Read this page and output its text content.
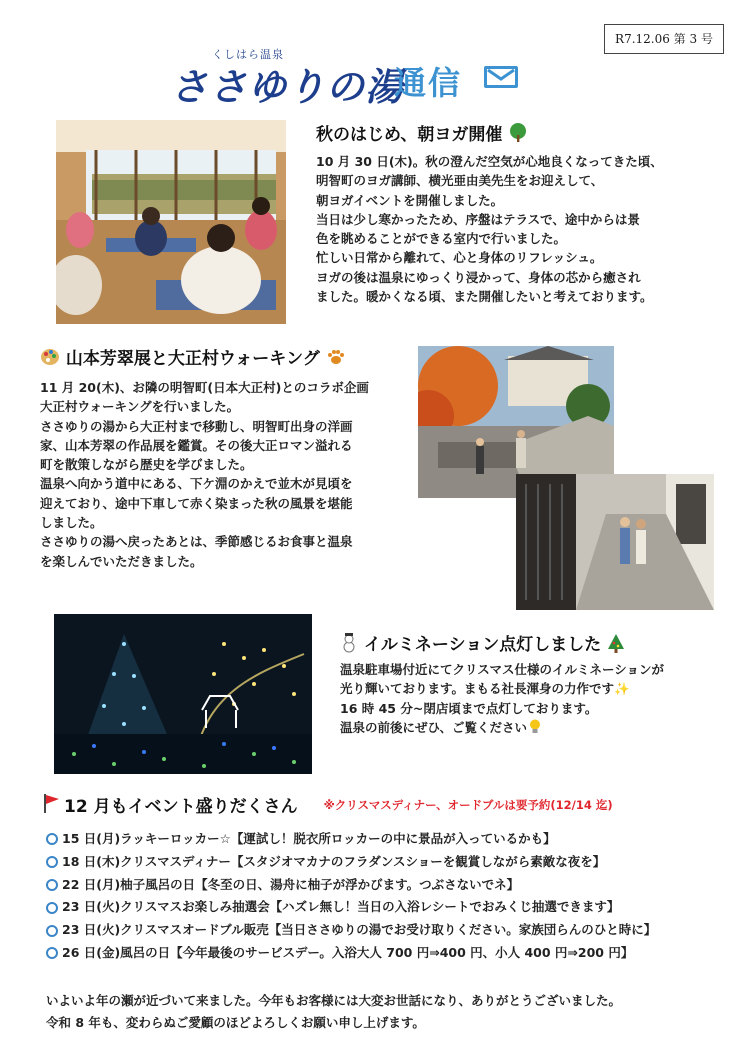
R7.12.06 第 3 号
くしはら温泉
ささゆりの湯
通信
秋のはじめ、朝ヨガ開催

10 月 30 日(木)。秋の澄んだ空気が心地良くなってきた頃、

明智町のヨガ講師、横光亜由美先生をお迎えして、

朝ヨガイベントを開催しました。

当日は少し寒かったため、序盤はテラスで、途中からは景

色を眺めることができる室内で行いました。

忙しい日常から離れて、心と身体のリフレッシュ。

ヨガの後は温泉にゆっくり浸かって、身体の芯から癒され

ました。暖かくなる頃、また開催したいと考えております。

山本芳翠展と大正村ウォーキング

11 月 20(木)、お隣の明智町(日本大正村)とのコラボ企画

大正村ウォーキングを行いました。

ささゆりの湯から大正村まで移動し、明智町出身の洋画

家、山本芳翠の作品展を鑑賞。その後大正ロマン溢れる

町を散策しながら歴史を学びました。

温泉へ向かう道中にある、下ケ淵のかえで並木が見頃を

迎えており、途中下車して赤く染まった秋の風景を堪能

しました。

ささゆりの湯へ戻ったあとは、季節感じるお食事と温泉

を楽しんでいただきました。

イルミネーション点灯しました

温泉駐車場付近にてクリスマス仕様のイルミネーションが

光り輝いております。まもる社長渾身の力作です✨

16 時 45 分~閉店頃まで点灯しております。

温泉の前後にぜひ、ご覧ください

12 月もイベント盛りだくさん ※クリスマスディナー、オードブルは要予約(12/14 迄)
15 日(月)ラッキーロッカー☆【運試し！脱衣所ロッカーの中に景品が入っているかも】
18 日(木)クリスマスディナー【スタジオマカナのフラダンスショーを観賞しながら素敵な夜を】
22 日(月)柚子風呂の日【冬至の日、湯舟に柚子が浮かびます。つぶさないでネ】
23 日(火)クリスマスお楽しみ抽選会【ハズレ無し！当日の入浴レシートでおみくじ抽選できます】
23 日(火)クリスマスオードブル販売【当日ささゆりの湯でお受け取りください。家族団らんのひと時に】
26 日(金)風呂の日【今年最後のサービスデー。入浴大人 700 円⇒400 円、小人 400 円⇒200 円】

いよいよ年の瀬が近づいて来ました。今年もお客様には大変お世話になり、ありがとうございました。

令和 8 年も、変わらぬご愛顧のほどよろしくお願い申し上げます。
